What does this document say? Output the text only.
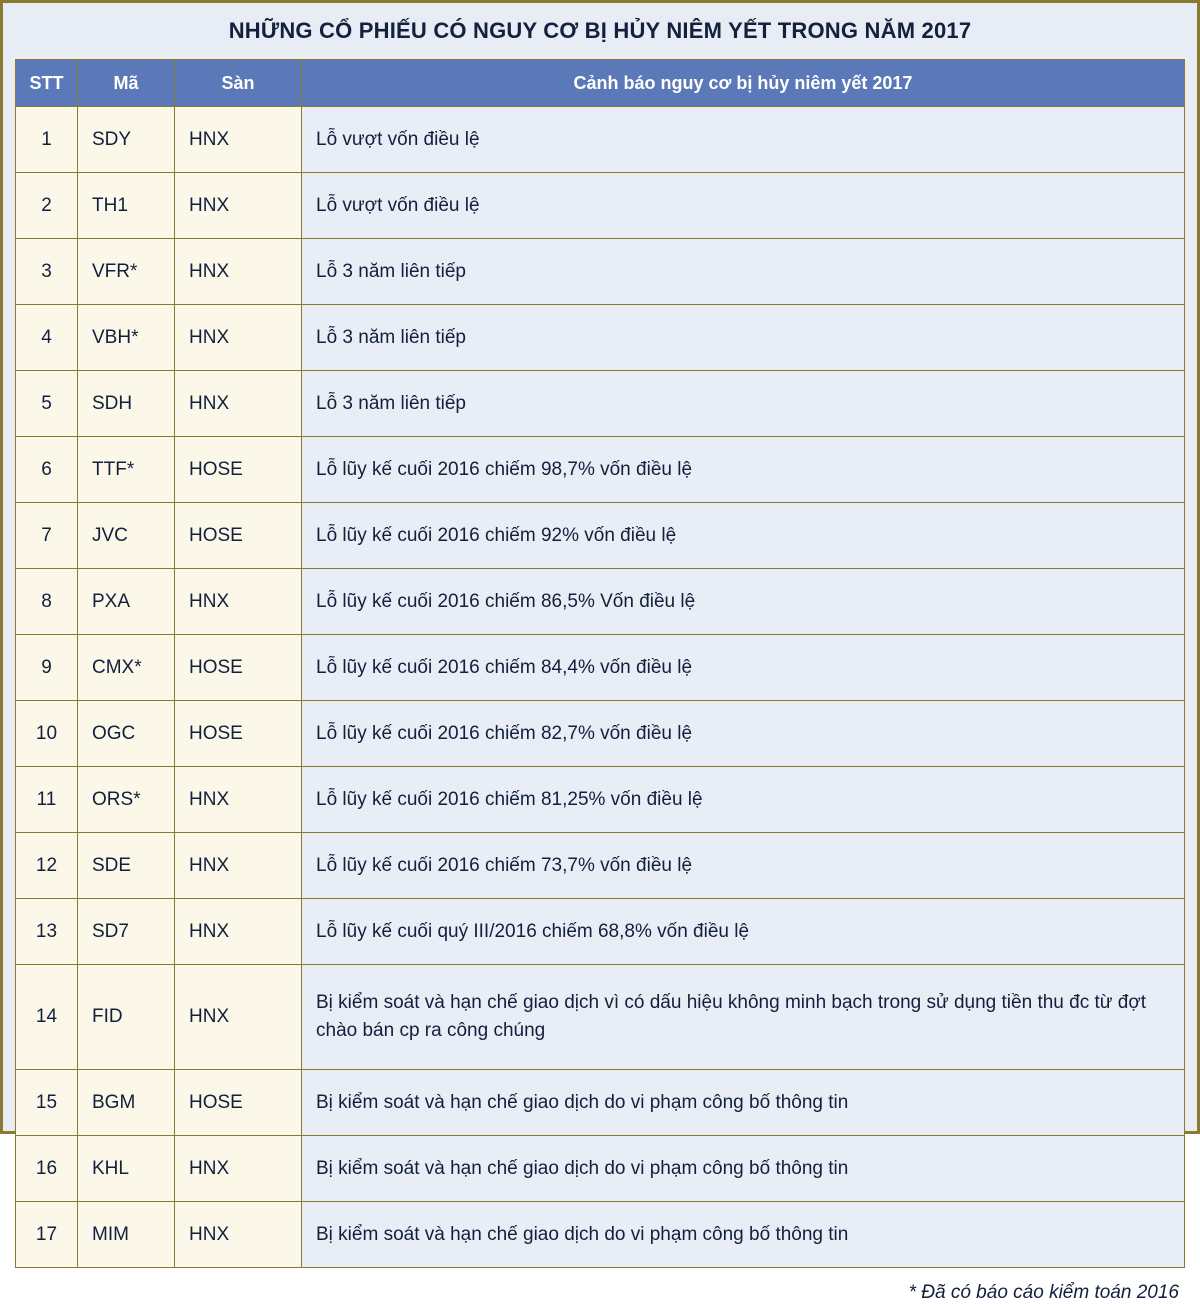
NHỮNG CỔ PHIẾU CÓ NGUY CƠ BỊ HỦY NIÊM YẾT TRONG NĂM 2017
STT	Mã	Sàn	Cảnh báo nguy cơ bị hủy niêm yết 2017
1	SDY	HNX	Lỗ vượt vốn điều lệ
2	TH1	HNX	Lỗ vượt vốn điều lệ
3	VFR*	HNX	Lỗ 3 năm liên tiếp
4	VBH*	HNX	Lỗ 3 năm liên tiếp
5	SDH	HNX	Lỗ 3 năm liên tiếp
6	TTF*	HOSE	Lỗ lũy kế cuối 2016 chiếm 98,7% vốn điều lệ
7	JVC	HOSE	Lỗ lũy kế cuối 2016 chiếm 92% vốn điều lệ
8	PXA	HNX	Lỗ lũy kế cuối 2016 chiếm 86,5% Vốn điều lệ
9	CMX*	HOSE	Lỗ lũy kế cuối 2016 chiếm 84,4% vốn điều lệ
10	OGC	HOSE	Lỗ lũy kế cuối 2016 chiếm 82,7% vốn điều lệ
11	ORS*	HNX	Lỗ lũy kế cuối 2016 chiếm 81,25% vốn điều lệ
12	SDE	HNX	Lỗ lũy kế cuối 2016 chiếm 73,7% vốn điều lệ
13	SD7	HNX	Lỗ lũy kế cuối quý III/2016 chiếm 68,8% vốn điều lệ
14	FID	HNX	Bị kiểm soát và hạn chế giao dịch vì có dấu hiệu không minh bạch trong sử dụng tiền thu đc từ đợt chào bán cp ra công chúng
15	BGM	HOSE	Bị kiểm soát và hạn chế giao dịch do vi phạm công bố thông tin
16	KHL	HNX	Bị kiểm soát và hạn chế giao dịch do vi phạm công bố thông tin
17	MIM	HNX	Bị kiểm soát và hạn chế giao dịch do vi phạm công bố thông tin
* Đã có báo cáo kiểm toán 2016
